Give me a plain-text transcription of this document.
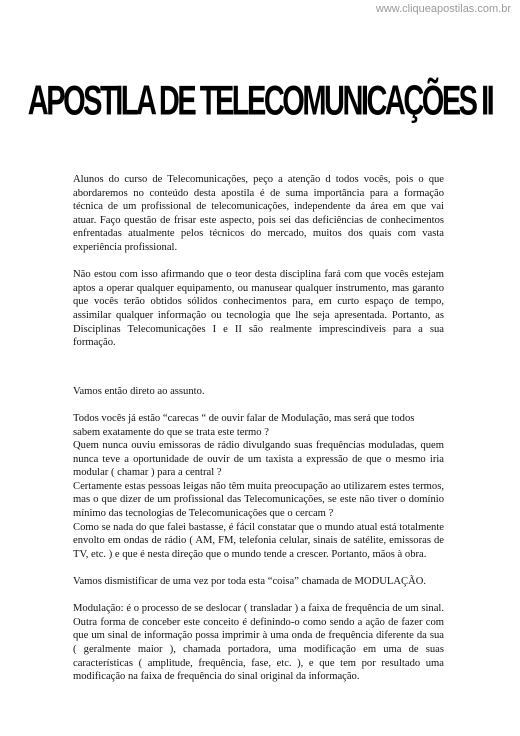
www.cliqueapostilas.com.br
APOSTILA DE TELECOMUNICAÇÕES II

Alunos do curso de Telecomunicações, peço a atenção d todos vocês, pois o que abordaremos no conteúdo desta apostila é de suma importância para a formação técnica de um profissional de telecomunicações, independente da área em que vai atuar. Faço questão de frisar este aspecto, pois sei das deficiências de conhecimentos enfrentadas atualmente pelos técnicos do mercado, muitos dos quais com vasta experiência profissional.

Não estou com isso afirmando que o teor desta disciplina fará com que vocês estejam aptos a operar qualquer equipamento, ou manusear qualquer instrumento, mas garanto que vocês terão obtidos sólidos conhecimentos para, em curto espaço de tempo, assimilar qualquer informação ou tecnologia que lhe seja apresentada. Portanto, as Disciplinas Telecomunicações I e II são realmente imprescindíveis para a sua formação.

Vamos então direto ao assunto.

Todos vocês já estão “carecas “ de ouvir falar de Modulação, mas será que todos sabem exatamente do que se trata este termo ?

Quem nunca ouviu emissoras de rádio divulgando suas frequências moduladas, quem nunca teve a oportunidade de ouvir de um taxista a expressão de que o mesmo iria modular ( chamar ) para a central ?

Certamente estas pessoas leigas não têm muita preocupação ao utilizarem estes termos, mas o que dizer de um profissional das Telecomunicações, se este não tiver o domínio mínimo das tecnologias de Telecomunicações que o cercam ?

Como se nada do que falei bastasse, é fácil constatar que o mundo atual está totalmente envolto em ondas de rádio ( AM, FM, telefonia celular, sinais de satélite, emissoras de TV, etc. ) e que é nesta direção que o mundo tende a crescer. Portanto, mãos à obra.

Vamos dismistificar de uma vez por toda esta “coisa” chamada de MODULAÇÃO.

Modulação: é o processo de se deslocar ( transladar ) a faixa de frequência de um sinal. Outra forma de conceber este conceito é definindo-o como sendo a ação de fazer com que um sinal de informação possa imprimir à uma onda de frequência diferente da sua ( geralmente maior ), chamada portadora, uma modificação em uma de suas características ( amplitude, frequência, fase, etc. ), e que tem por resultado uma modificação na faixa de frequência do sinal original da informação.
